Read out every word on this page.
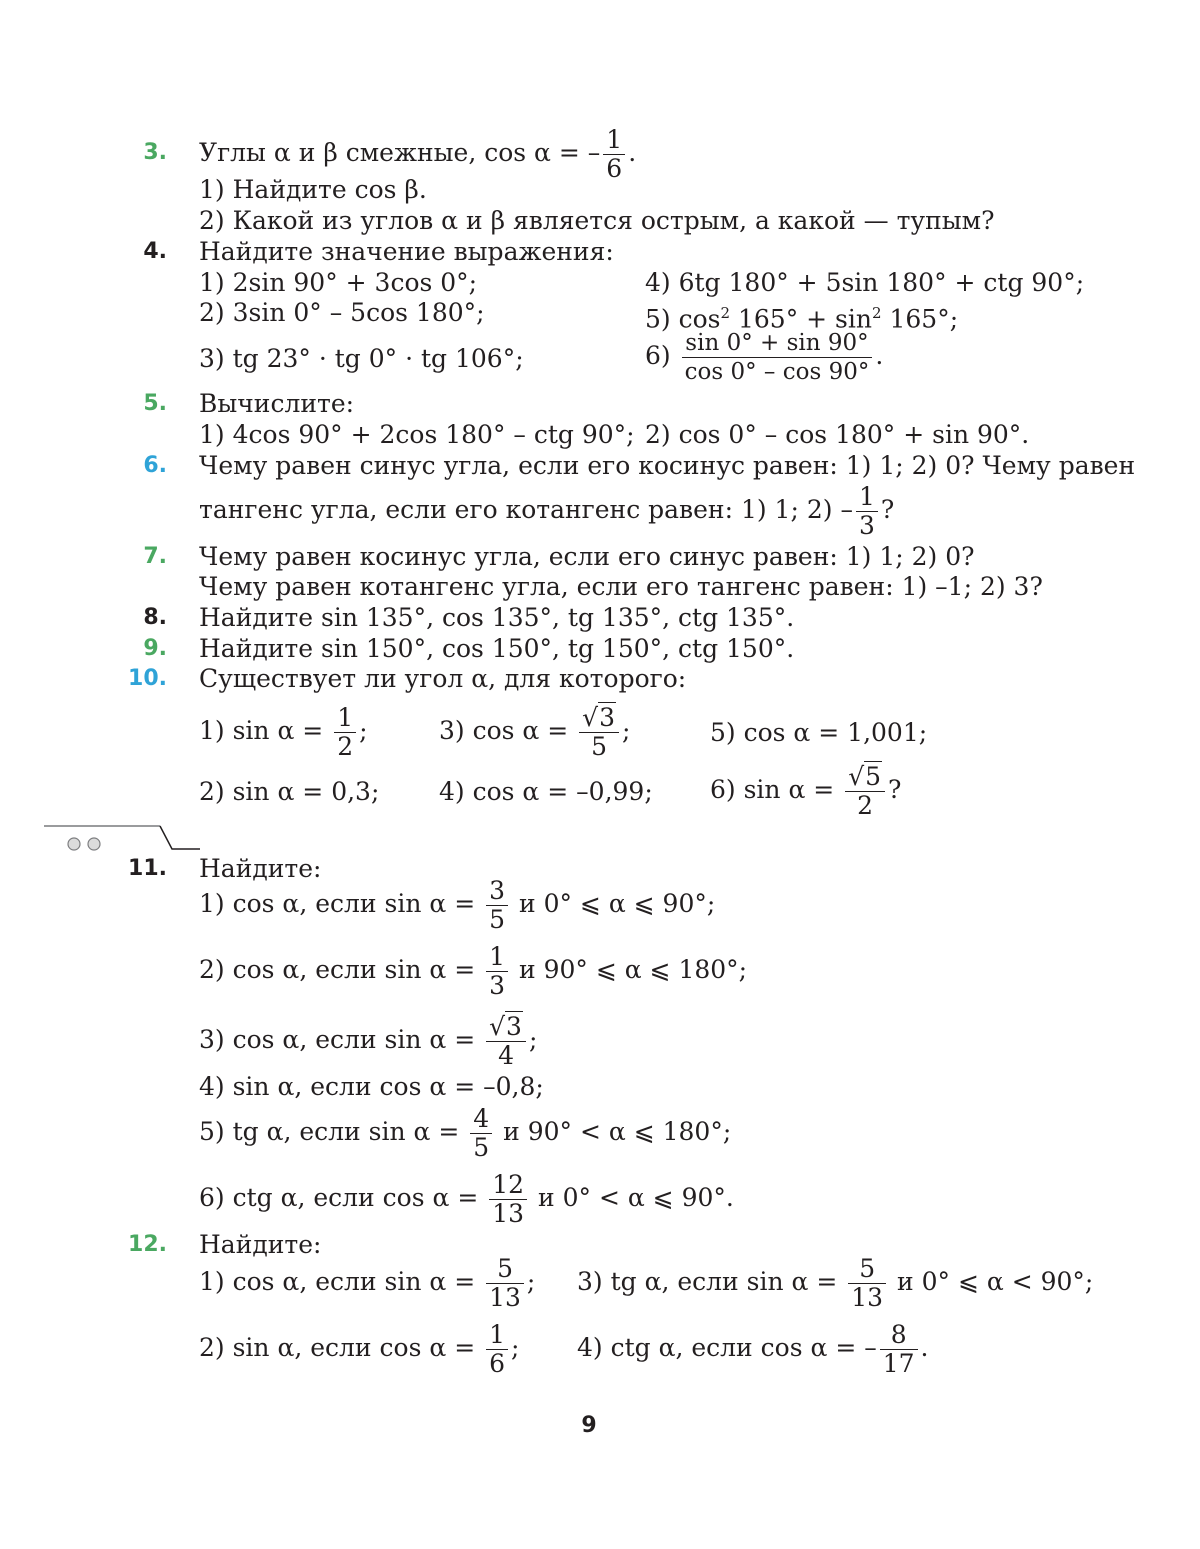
3. Углы α и β смежные, cos α = – $\frac{1}{6}$ .
1) Найдите cos β.
2) Какой из углов α и β является острым, а какой — тупым?
4. Найдите значение выражения:
1) 2sin 90° + 3cos 0°;
2) 3sin 0° – 5cos 180°;
3) tg 23° · tg 0° · tg 106°;
4) 6tg 180° + 5sin 180° + ctg 90°;
5) $\cos^2 165^\circ + \sin^2 165^\circ$;
$6) \frac{\sin 0^\circ + \sin 90^\circ}{\cos 0^\circ - \cos 90^\circ}$ .
5. Вычислите:
1) 4cos 90° + 2cos 180° – ctg 90°; 2) cos 0° – cos 180° + sin 90°.
6. Чему равен синус угла, если его косинус равен: 1) 1; 2) 0? Чему равен
тангенс угла, если его котангенс равен: 1) 1; $2) - \frac{1}{3}$ ?
7. Чему равен косинус угла, если его синус равен: 1) 1; 2) 0?
Чему равен котангенс угла, если его тангенс равен: 1) –1; 2) 3?
8. Найдите sin 135°, cos 135°, tg 135°, ctg 135°.
9. Найдите sin 150°, cos 150°, tg 150°, ctg 150°.
10. Существует ли угол α, для которого:
1) $\sin \alpha = \frac{1}{2}$ ;	3) $\cos \alpha = \frac{√3}{5}$ ;	5) cos α = 1,001;
2) sin α = 0,3; 4) cos α = –0,99; 6) $\sin \alpha = \frac{√5}{2}$ ?
11. Найдите:
1) cos α, если $\sin \alpha = \frac{3}{5}$ и 0° ⩽ α ⩽ 90°;
2) cos α, если $\sin \alpha = \frac{1}{3}$ и 90° ⩽ α ⩽ 180°;
3) cos α, если $\sin \alpha = \frac{√3}{4}$ ;
4) sin α, если cos α = –0,8;
5) tg α, если $\sin \alpha = \frac{4}{5}$ и 90° < α ⩽ 180°;
6) ctg α, если $\cos \alpha = \frac{12}{13}$ и 0° < α ⩽ 90°.
12. Найдите:
1) cos α, если $\sin \alpha = \frac{5}{13}$ ; 3) tg α, если $\sin \alpha = \frac{5}{13}$ и 0° ⩽ α < 90°;
2) sin α, если $\cos \alpha = \frac{1}{6}$ ; 4) ctg α, если cos α = – $\frac{8}{17}$ .
9
